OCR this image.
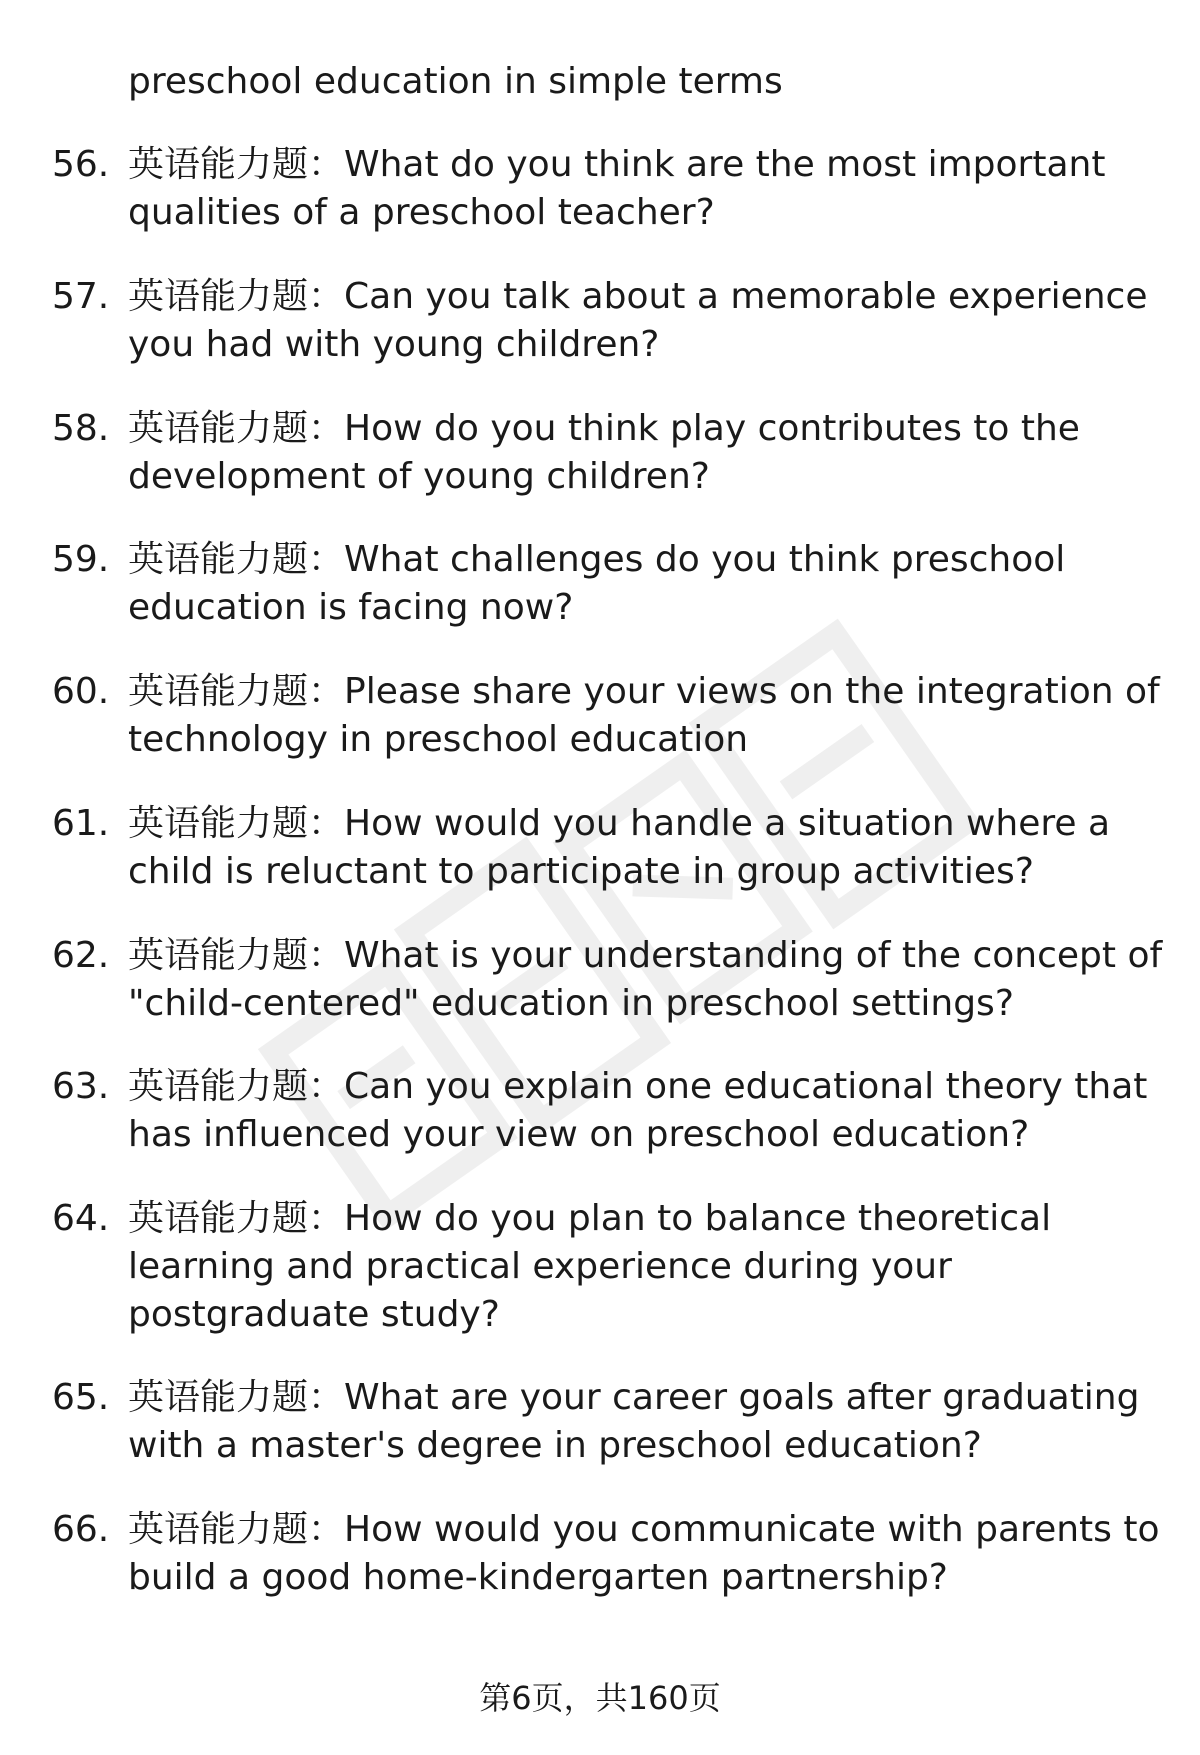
preschool education in simple terms
56. 英语能力题：What do you think are the most important qualities of a preschool teacher?
57. 英语能力题：Can you talk about a memorable experience you had with young children?
58. 英语能力题：How do you think play contributes to the development of young children?
59. 英语能力题：What challenges do you think preschool education is facing now?
60. 英语能力题：Please share your views on the integration of technology in preschool education
61. 英语能力题：How would you handle a situation where a child is reluctant to participate in group activities?
62. 英语能力题：What is your understanding of the concept of "child-centered" education in preschool settings?
63. 英语能力题：Can you explain one educational theory that has influenced your view on preschool education?
64. 英语能力题：How do you plan to balance theoretical learning and practical experience during your postgraduate study?
65. 英语能力题：What are your career goals after graduating with a master's degree in preschool education?
66. 英语能力题：How would you communicate with parents to build a good home-kindergarten partnership?
第6页，共160页
